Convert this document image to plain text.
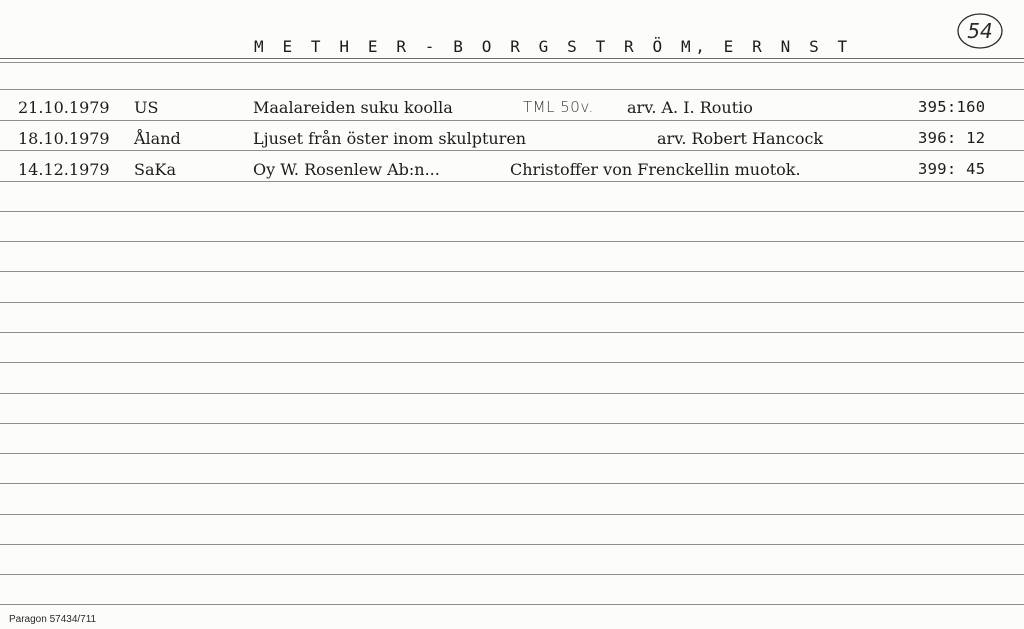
M E T H E R - B O R G S T R Ö M, E R N S T
54
21.10.1979 US	Maalareiden suku koolla	TML 50v. arv. A. I. Routio	395:160
18.10.1979 Åland	Ljuset från öster inom skulpturen	arv. Robert Hancock	396: 12
14.12.1979 SaKa	Oy W. Rosenlew Ab:n...	Christoffer von Frenckellin muotok.	399: 45
Paragon 57434/711
